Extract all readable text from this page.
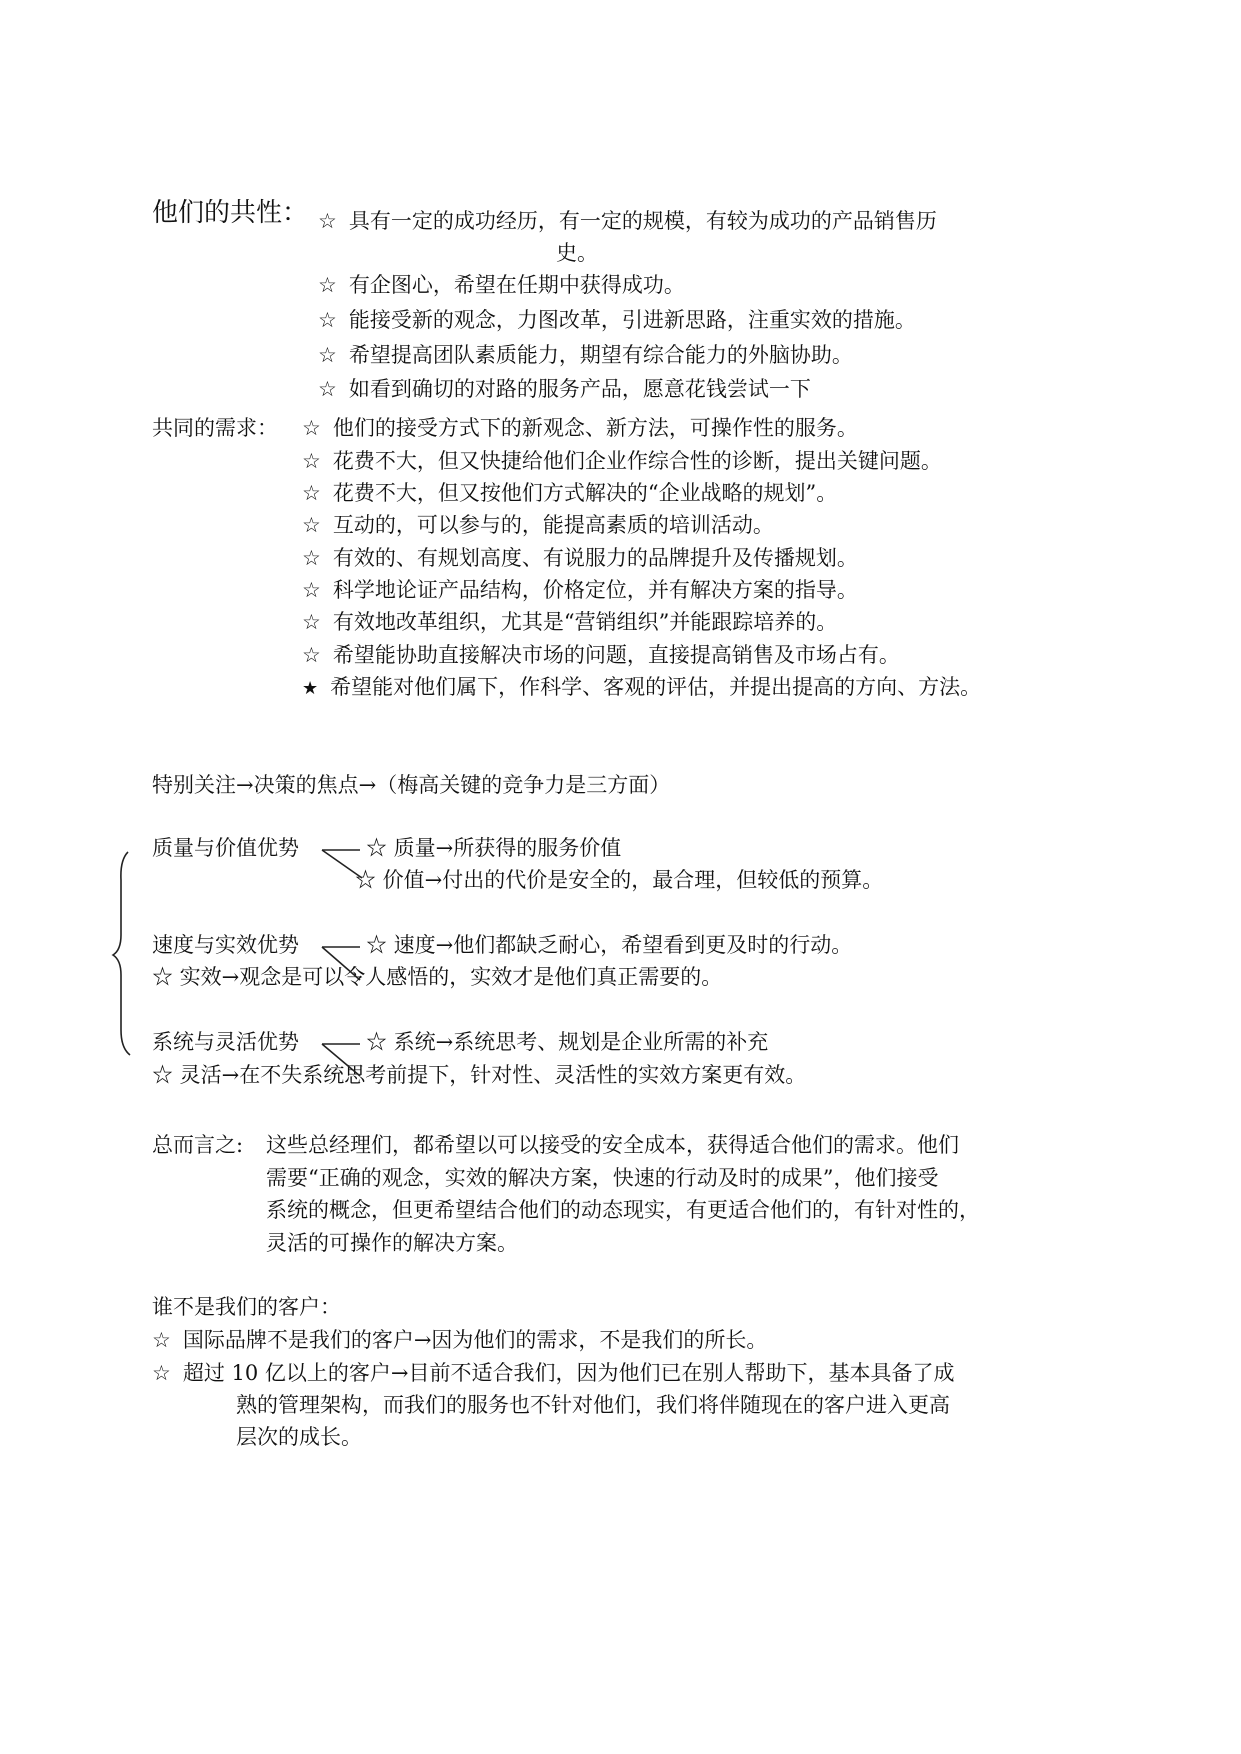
他们的共性： ☆ 具有一定的成功经历，有一定的规模，有较为成功的产品销售历
史。
☆ 有企图心，希望在任期中获得成功。
☆ 能接受新的观念，力图改革，引进新思路，注重实效的措施。
☆ 希望提高团队素质能力，期望有综合能力的外脑协助。
☆ 如看到确切的对路的服务产品，愿意花钱尝试一下
共同的需求： ☆ 他们的接受方式下的新观念、新方法，可操作性的服务。
☆ 花费不大，但又快捷给他们企业作综合性的诊断，提出关键问题。
☆ 花费不大，但又按他们方式解决的“企业战略的规划”。
☆ 互动的，可以参与的，能提高素质的培训活动。
☆ 有效的、有规划高度、有说服力的品牌提升及传播规划。
☆ 科学地论证产品结构，价格定位，并有解决方案的指导。
☆ 有效地改革组织，尤其是“营销组织”并能跟踪培养的。
☆ 希望能协助直接解决市场的问题，直接提高销售及市场占有。
★ 希望能对他们属下，作科学、客观的评估，并提出提高的方向、方法。
特别关注→决策的焦点→（梅高关键的竞争力是三方面）
质量与价值优势	☆ 质量→所获得的服务价值
☆ 价值→付出的代价是安全的，最合理，但较低的预算。
速度与实效优势	☆ 速度→他们都缺乏耐心，希望看到更及时的行动。
☆ 实效→观念是可以令人感悟的，实效才是他们真正需要的。
系统与灵活优势	☆ 系统→系统思考、规划是企业所需的补充
☆ 灵活→在不失系统思考前提下，针对性、灵活性的实效方案更有效。
总而言之: 这些总经理们，都希望以可以接受的安全成本，获得适合他们的需求。他们
需要“正确的观念，实效的解决方案，快速的行动及时的成果”，他们接受
系统的概念，但更希望结合他们的动态现实，有更适合他们的，有针对性的，
灵活的可操作的解决方案。
谁不是我们的客户：
☆ 国际品牌不是我们的客户→因为他们的需求，不是我们的所长。
☆ 超过 10 亿以上的客户→目前不适合我们，因为他们已在别人帮助下，基本具备了成
熟的管理架构，而我们的服务也不针对他们，我们将伴随现在的客户进入更高
层次的成长。
